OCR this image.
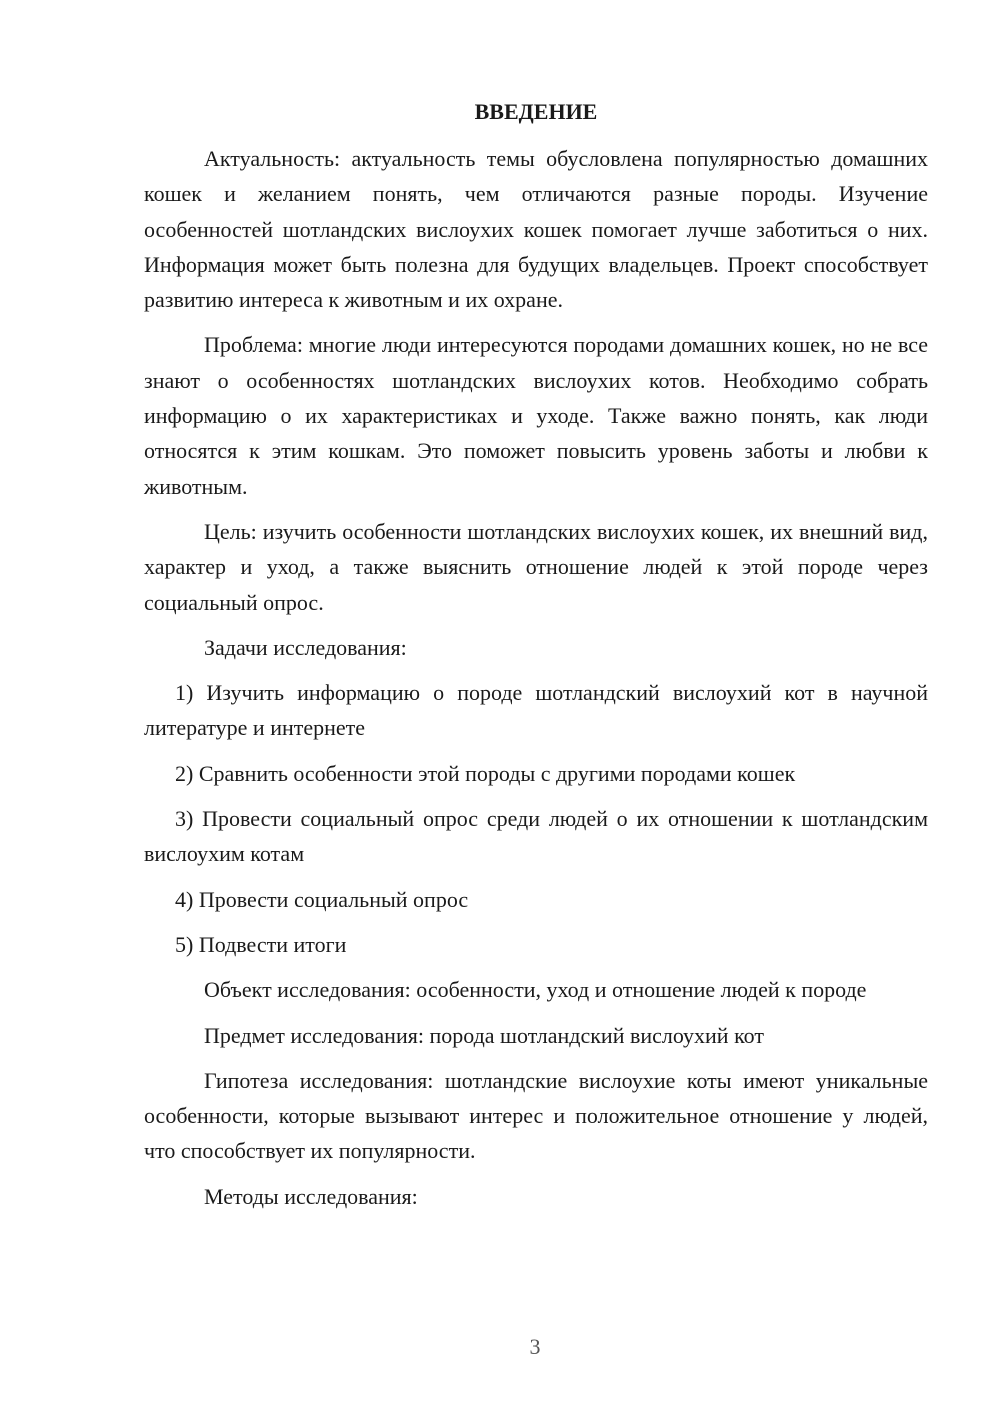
ВВЕДЕНИЕ

Актуальность: актуальность темы обусловлена популярностью домашних кошек и желанием понять, чем отличаются разные породы. Изучение особенностей шотландских вислоухих кошек помогает лучше заботиться о них. Информация может быть полезна для будущих владельцев. Проект способствует развитию интереса к животным и их охране.

Проблема: многие люди интересуются породами домашних кошек, но не все знают о особенностях шотландских вислоухих котов. Необходимо собрать информацию о их характеристиках и уходе. Также важно понять, как люди относятся к этим кошкам. Это поможет повысить уровень заботы и любви к животным.

Цель: изучить особенности шотландских вислоухих кошек, их внешний вид, характер и уход, а также выяснить отношение людей к этой породе через социальный опрос.

Задачи исследования:

1) Изучить информацию о породе шотландский вислоухий кот в научной литературе и интернете

2) Сравнить особенности этой породы с другими породами кошек

3) Провести социальный опрос среди людей о их отношении к шотландским вислоухим котам

4) Провести социальный опрос

5) Подвести итоги

Объект исследования: особенности, уход и отношение людей к породе

Предмет исследования: порода шотландский вислоухий кот

Гипотеза исследования: шотландские вислоухие коты имеют уникальные особенности, которые вызывают интерес и положительное отношение у людей, что способствует их популярности.

Методы исследования:

3
